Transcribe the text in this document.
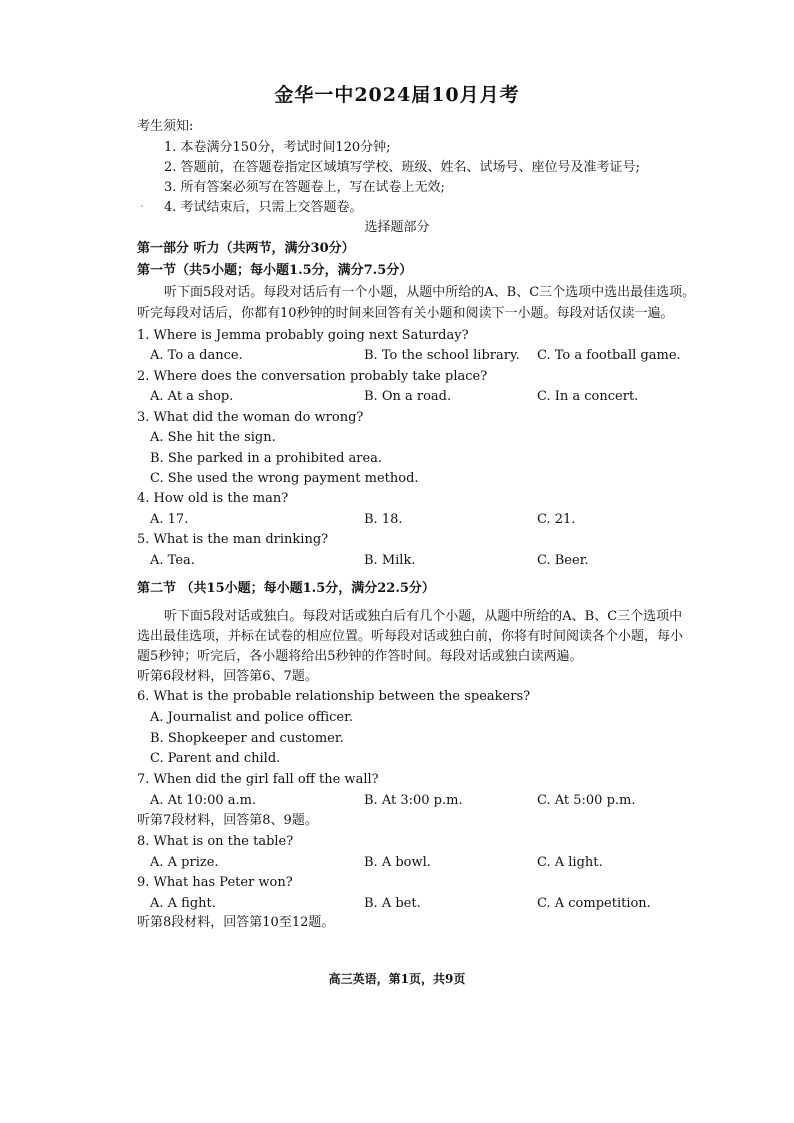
金华一中2024届10月月考
考生须知:
1. 本卷满分150分，考试时间120分钟;
2. 答题前，在答题卷指定区域填写学校、班级、姓名、试场号、座位号及准考证号;
3. 所有答案必须写在答题卷上，写在试卷上无效;
4. 考试结束后，只需上交答题卷。
`
选择题部分
第一部分 听力（共两节，满分30分）
第一节（共5小题；每小题1.5分，满分7.5分）
听下面5段对话。每段对话后有一个小题，从题中所给的A、B、C三个选项中选出最佳选项。
听完每段对话后，你都有10秒钟的时间来回答有关小题和阅读下一小题。每段对话仅读一遍。
1. Where is Jemma probably going next Saturday?
A. To a dance.	B. To the school library. C. To a football game.
2. Where does the conversation probably take place?
A. At a shop.	B. On a road.	C. In a concert.
3. What did the woman do wrong?
A. She hit the sign.
B. She parked in a prohibited area.
C. She used the wrong payment method.
4. How old is the man?
A. 17.	B. 18.	C. 21.
5. What is the man drinking?
A. Tea.	B. Milk.	C. Beer.
第二节 （共15小题；每小题1.5分，满分22.5分）
听下面5段对话或独白。每段对话或独白后有几个小题，从题中所给的A、B、C三个选项中
选出最佳选项，并标在试卷的相应位置。听每段对话或独白前，你将有时间阅读各个小题，每小
题5秒钟；听完后，各小题将给出5秒钟的作答时间。每段对话或独白读两遍。
听第6段材料，回答第6、7题。
6. What is the probable relationship between the speakers?
A. Journalist and police officer.
B. Shopkeeper and customer.
C. Parent and child.
7. When did the girl fall off the wall?
A. At 10:00 a.m.	B. At 3:00 p.m.	C. At 5:00 p.m.
听第7段材料，回答第8、9题。
8. What is on the table?
A. A prize.	B. A bowl.	C. A light.
9. What has Peter won?
A. A fight.	B. A bet.	C. A competition.
听第8段材料，回答第10至12题。
高三英语，第1页，共9页
